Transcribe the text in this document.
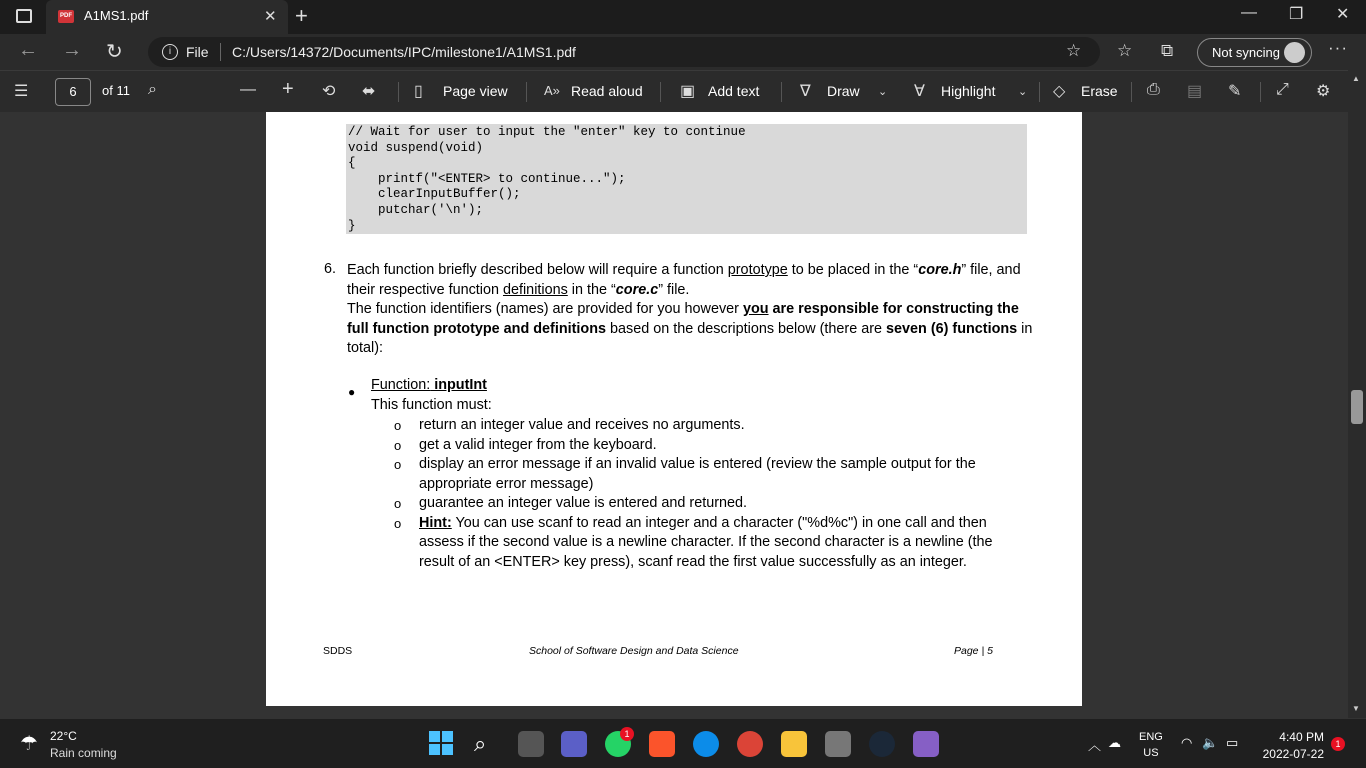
PDF A1MS1.pdf	✕ +	— ❐ ✕
← → ↻	i	File C:/Users/14372/Documents/IPC/milestone1/A1MS1.pdf	☆ ☆ ⧉	Not syncing	···
☰	6	of 11 ⌕	— + ⟲ ⬌ ▯ Page view	A» Read aloud ▣ Add text	∇ Draw ⌄ ∀ Highlight ⌄ ◇ Erase ⎙ ▤ ✎ ⤢ ⚙
// Wait for user to input the "enter" key to continue
void suspend(void)
{
printf("<ENTER> to continue...");
clearInputBuffer();
putchar('\n');
}
6. Each function briefly described below will require a function prototype to be placed in the “core.h” file, and their respective function definitions in the “core.c” file.
The function identifiers (names) are provided for you however you are responsible for constructing the full function prototype and definitions based on the descriptions below (there are seven (6) functions in total):
● Function: inputInt
This function must:
o return an integer value and receives no arguments.
o get a valid integer from the keyboard.
o display an error message if an invalid value is entered (review the sample output for the appropriate error message)
o guarantee an integer value is entered and returned.
o Hint: You can use scanf to read an integer and a character ("%d%c") in one call and then assess if the second value is a newline character. If the second character is a newline (the result of an <ENTER> key press), scanf read the first value successfully as an integer.
SDDS	School of Software Design and Data Science	Page | 5
▲
▼
☂ 22°C
Rain coming	⌕	1
︿ ☁ ENG
US
◠ 🔈 ▭	4:40 PM
2022-07-22
1
